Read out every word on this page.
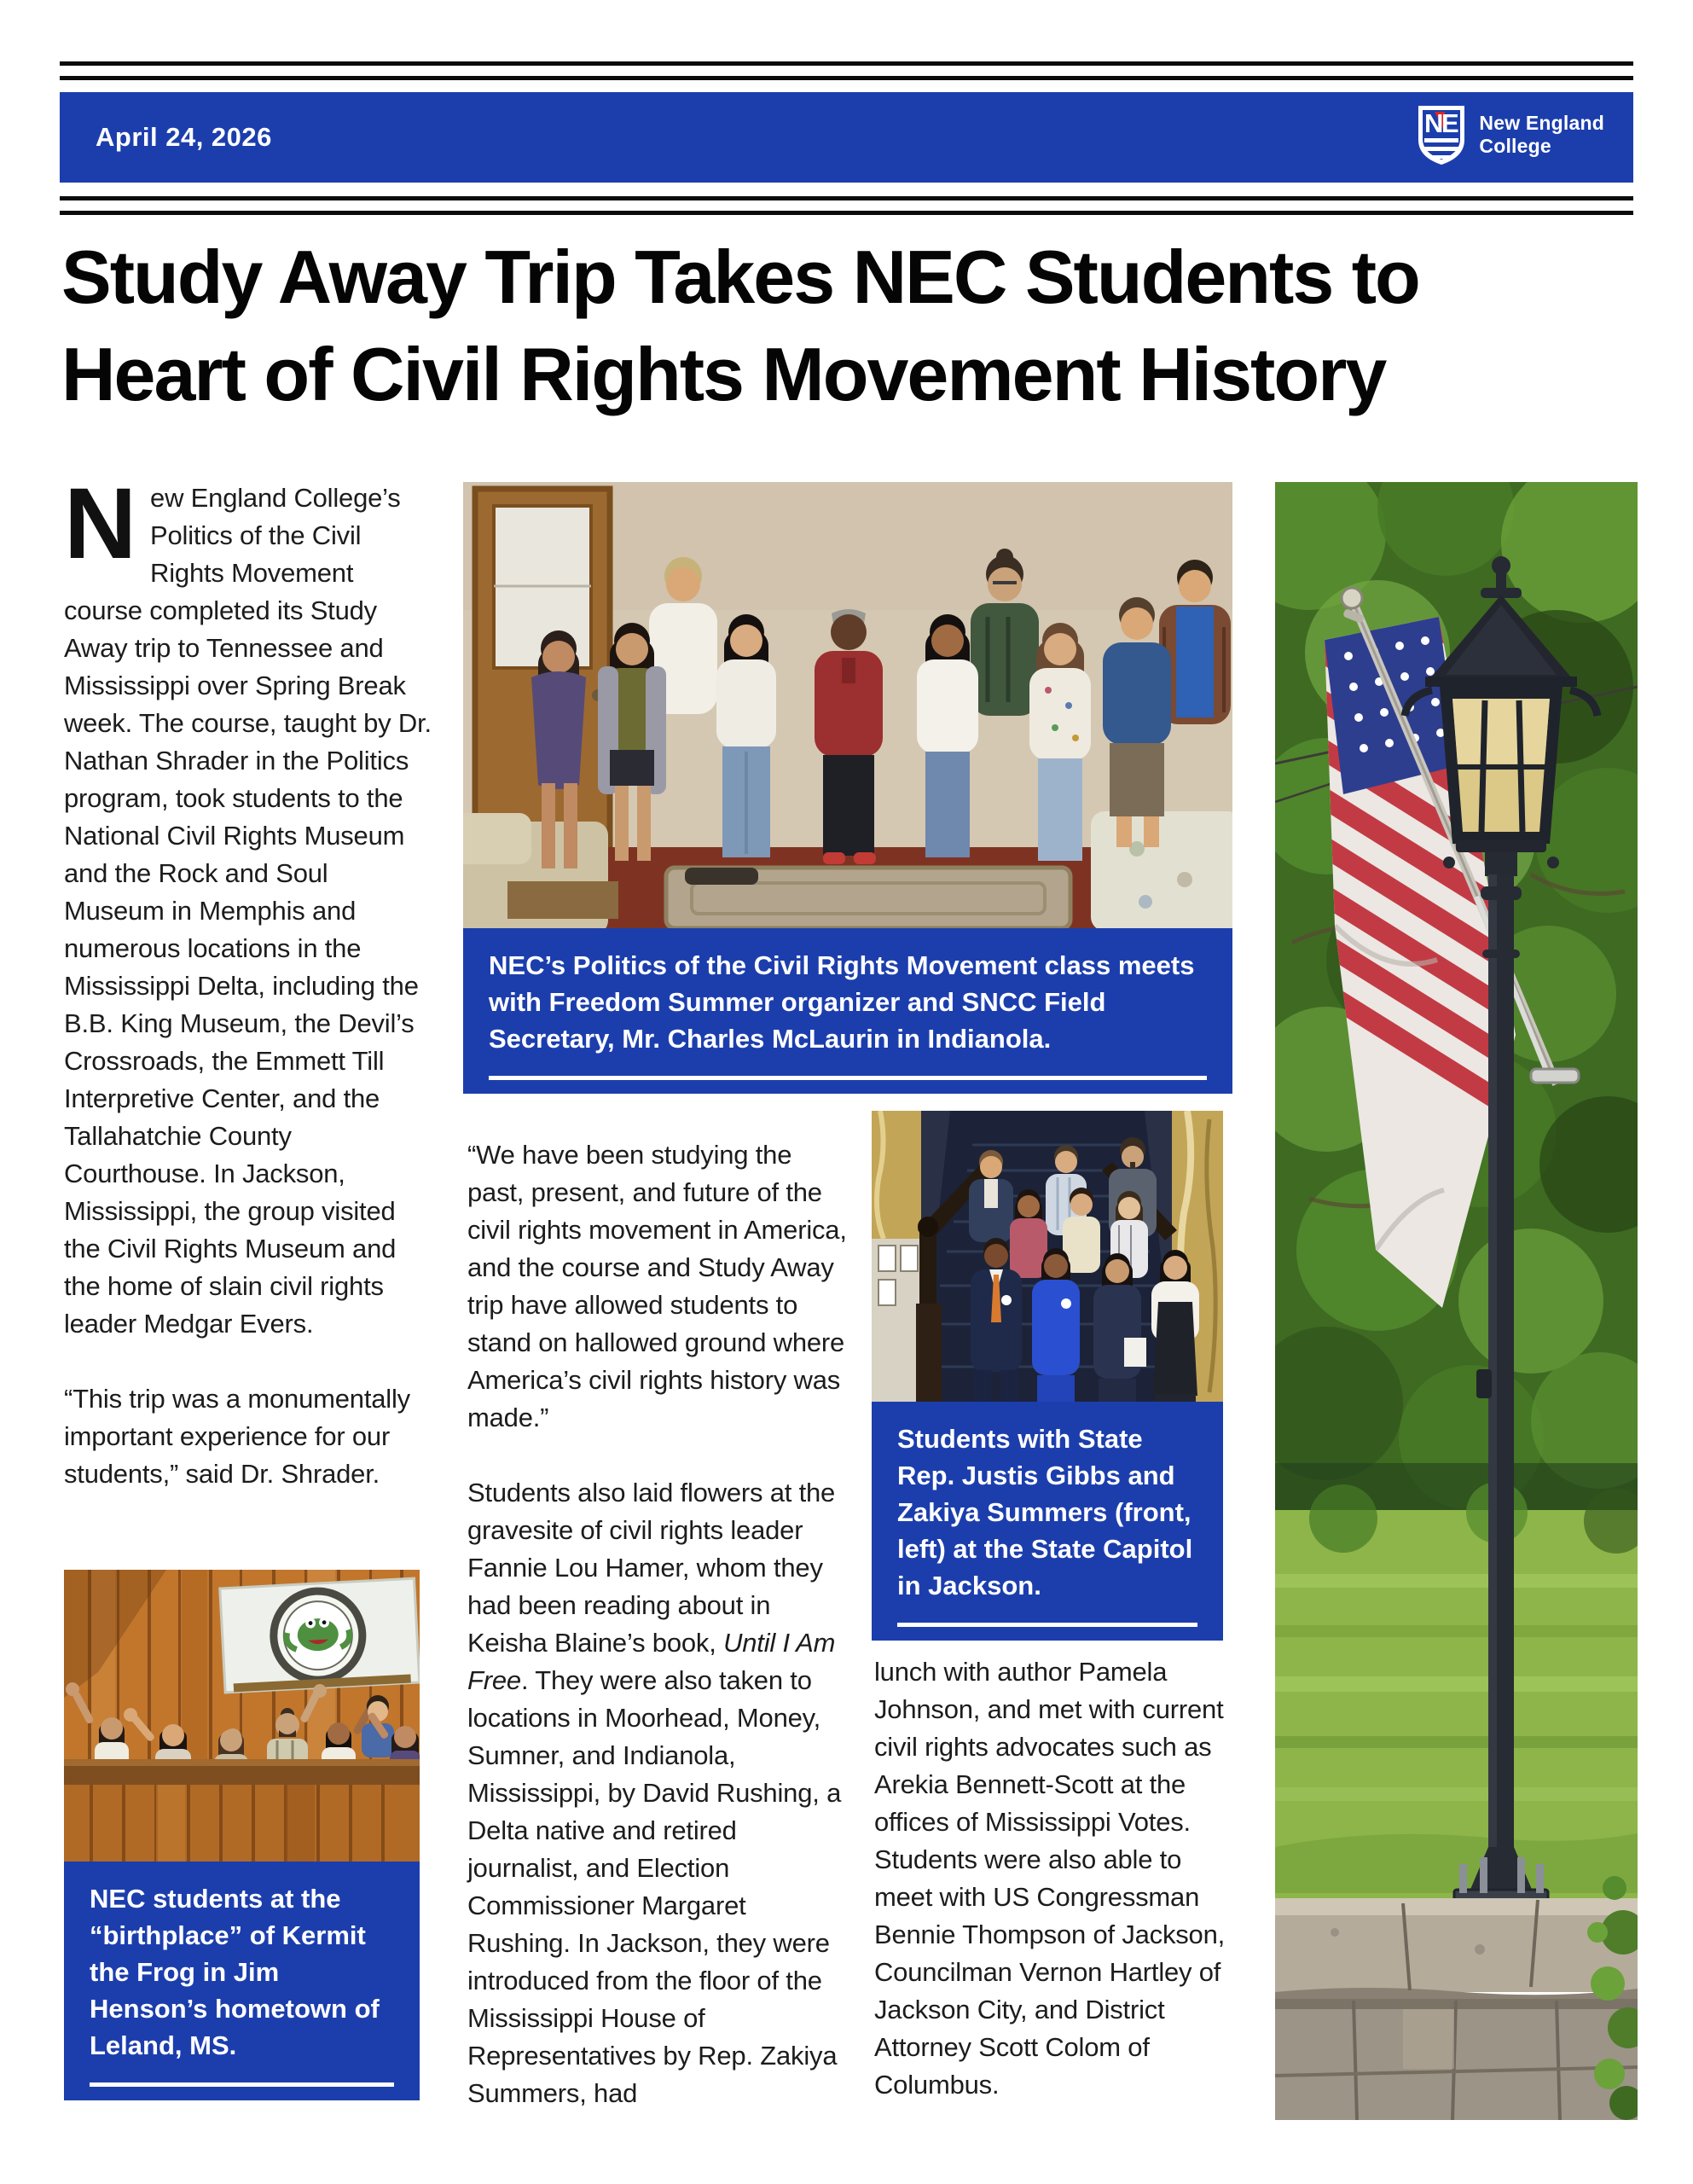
April 24, 2026	N
E New England
College
Study Away Trip Takes NEC Students to
Heart of Civil Rights Movement History

New England College’s Politics of the Civil Rights Movement course completed its Study Away trip to Tennessee and Mississippi over Spring Break week. The course, taught by Dr. Nathan Shrader in the Politics program, took students to the National Civil Rights Museum and the Rock and Soul Museum in Memphis and numerous locations in the Mississippi Delta, including the B.B. King Museum, the Devil’s Crossroads, the Emmett Till Interpretive Center, and the Tallahatchie County Courthouse. In Jackson, Mississippi, the group visited the Civil Rights Museum and the home of slain civil rights leader Medgar Evers.

“This trip was a monumentally important experience for our students,” said Dr. Shrader.

NEC’s Politics of the Civil Rights Movement class meets with Freedom Summer organizer and SNCC Field Secretary, Mr. Charles McLaurin in Indianola.

“We have been studying the past, present, and future of the civil rights movement in America, and the course and Study Away trip have allowed students to stand on hallowed ground where America’s civil rights history was made.”

Students also laid flowers at the gravesite of civil rights leader Fannie Lou Hamer, whom they had been reading about in Keisha Blaine’s book, Until I Am Free. They were also taken to locations in Moorhead, Money, Sumner, and Indianola, Mississippi, by David Rushing, a Delta native and retired journalist, and Election Commissioner Margaret Rushing. In Jackson, they were introduced from the floor of the Mississippi House of Representatives by Rep. Zakiya Summers, had

Students with State Rep. Justis Gibbs and Zakiya Summers (front, left) at the State Capitol in Jackson.

lunch with author Pamela Johnson, and met with current civil rights advocates such as Arekia Bennett-Scott at the offices of Mississippi Votes. Students were also able to meet with US Congressman Bennie Thompson of Jackson, Councilman Vernon Hartley of Jackson City, and District Attorney Scott Colom of Columbus.

NEC students at the “birthplace” of Kermit the Frog in Jim Henson’s hometown of Leland, MS.
